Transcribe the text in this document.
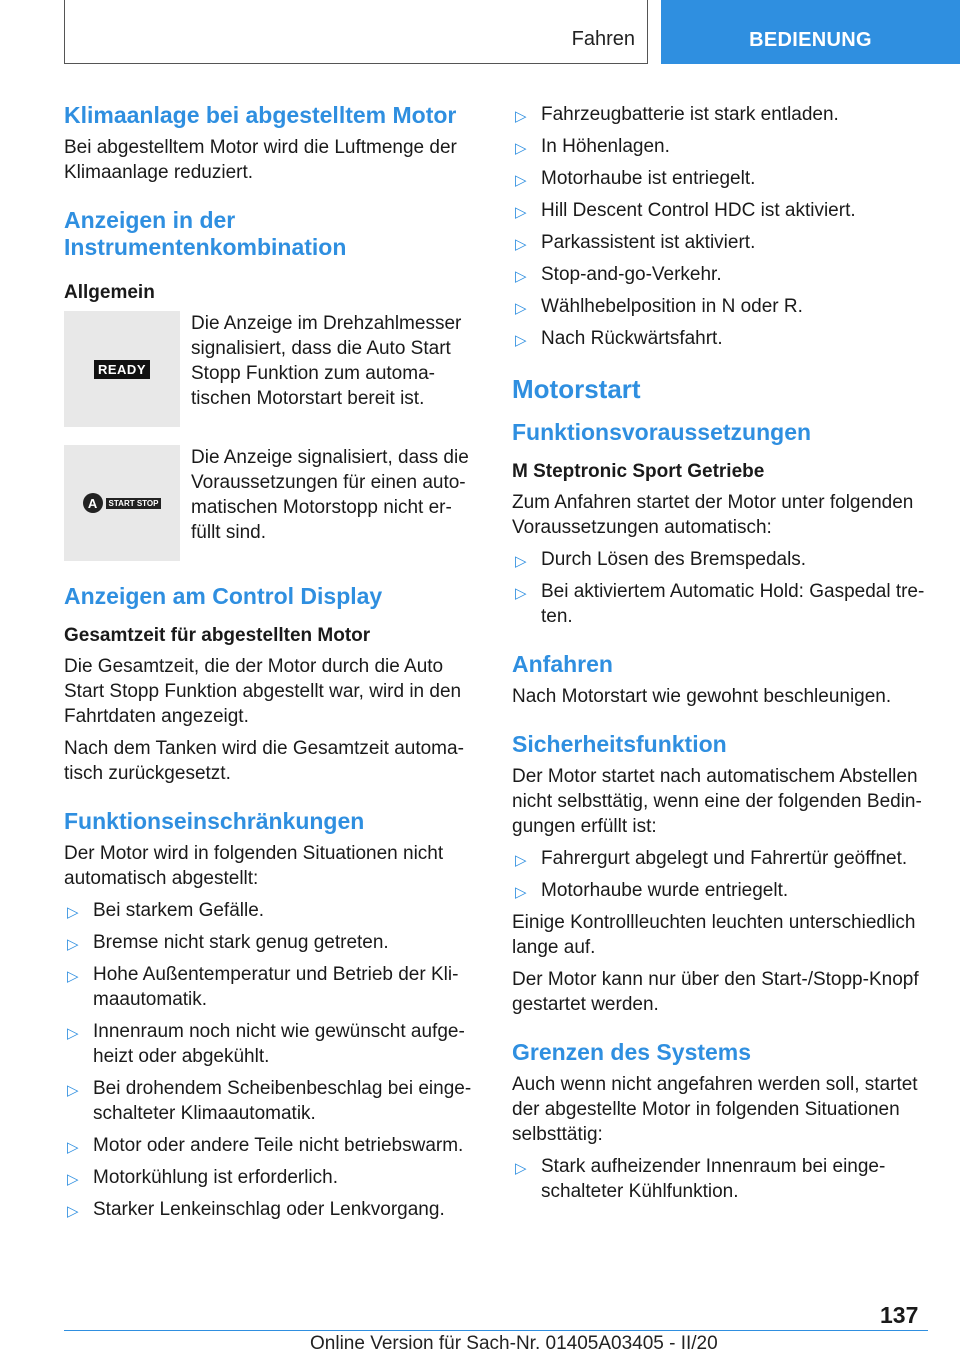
Fahren	BEDIENUNG
Klimaanlage bei abgestelltem Motor

Bei abgestelltem Motor wird die Luftmenge der Klimaanlage reduziert.

Anzeigen in der Instrumentenkombination
Allgemein
READY

Die Anzeige im Drehzahlmesser signalisiert, dass die Auto Start Stopp Funktion zum automa-tischen Motorstart bereit ist.

A	START STOP

Die Anzeige signalisiert, dass die Voraussetzungen für einen auto-matischen Motorstopp nicht er-füllt sind.

Anzeigen am Control Display
Gesamtzeit für abgestellten Motor

Die Gesamtzeit, die der Motor durch die Auto Start Stopp Funktion abgestellt war, wird in den Fahrtdaten angezeigt.

Nach dem Tanken wird die Gesamtzeit automa-tisch zurückgesetzt.

Funktionseinschränkungen

Der Motor wird in folgenden Situationen nicht automatisch abgestellt:

▷ Bei starkem Gefälle.
▷ Bremse nicht stark genug getreten.
▷ Hohe Außentemperatur und Betrieb der Kli-maautomatik.
▷ Innenraum noch nicht wie gewünscht aufge-heizt oder abgekühlt.
▷ Bei drohendem Scheibenbeschlag bei einge-schalteter Klimaautomatik.
▷ Motor oder andere Teile nicht betriebswarm.
▷ Motorkühlung ist erforderlich.
▷ Starker Lenkeinschlag oder Lenkvorgang.
▷ Fahrzeugbatterie ist stark entladen.
▷ In Höhenlagen.
▷ Motorhaube ist entriegelt.
▷ Hill Descent Control HDC ist aktiviert.
▷ Parkassistent ist aktiviert.
▷ Stop-and-go-Verkehr.
▷ Wählhebelposition in N oder R.
▷ Nach Rückwärtsfahrt.
Motorstart
Funktionsvoraussetzungen
M Steptronic Sport Getriebe

Zum Anfahren startet der Motor unter folgenden Voraussetzungen automatisch:

▷ Durch Lösen des Bremspedals.
▷ Bei aktiviertem Automatic Hold: Gaspedal tre-ten.
Anfahren

Nach Motorstart wie gewohnt beschleunigen.

Sicherheitsfunktion

Der Motor startet nach automatischem Abstellen nicht selbsttätig, wenn eine der folgenden Bedin-gungen erfüllt ist:

▷ Fahrergurt abgelegt und Fahrertür geöffnet.
▷ Motorhaube wurde entriegelt.

Einige Kontrollleuchten leuchten unterschiedlich lange auf.

Der Motor kann nur über den Start-/Stopp-Knopf gestartet werden.

Grenzen des Systems

Auch wenn nicht angefahren werden soll, startet der abgestellte Motor in folgenden Situationen selbsttätig:

▷ Stark aufheizender Innenraum bei einge-schalteter Kühlfunktion.
137
Online Version für Sach-Nr. 01405A03405 - II/20
